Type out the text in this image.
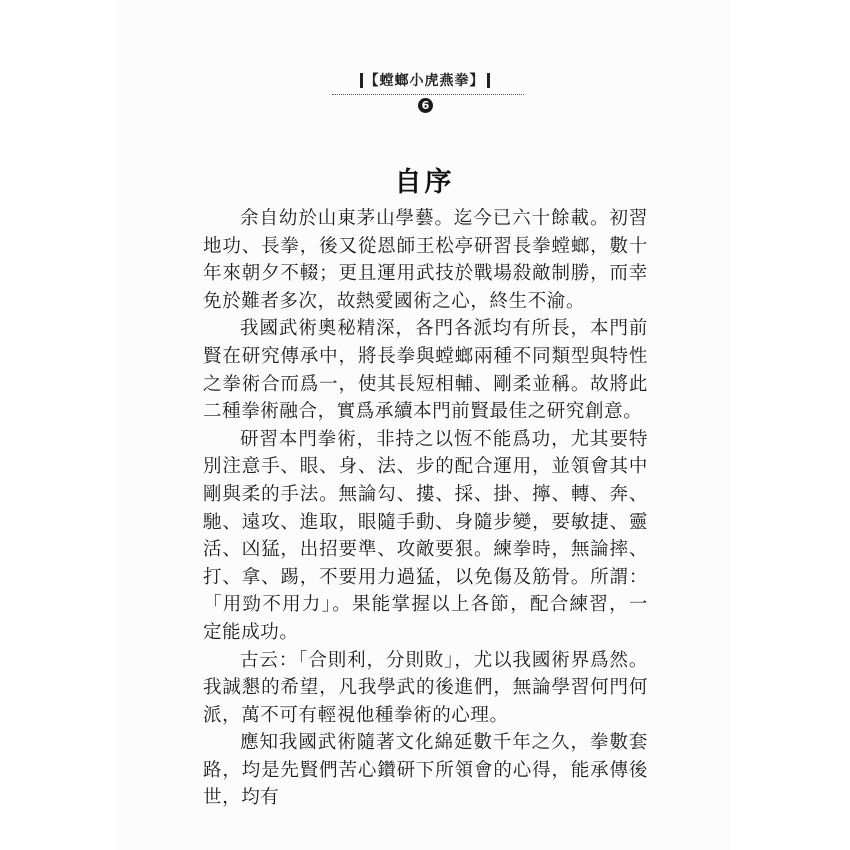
【螳螂小虎燕拳】
6
自序

余自幼於山東茅山學藝。迄今已六十餘載。初習地功、長拳，後又從恩師王松亭研習長拳螳螂，數十年來朝夕不輟；更且運用武技於戰場殺敵制勝，而幸免於難者多次，故熱愛國術之心，終生不渝。

我國武術奧秘精深，各門各派均有所長，本門前賢在研究傳承中，將長拳與螳螂兩種不同類型與特性之拳術合而爲一，使其長短相輔、剛柔並稱。故將此二種拳術融合，實爲承續本門前賢最佳之研究創意。

研習本門拳術，非持之以恆不能爲功，尤其要特別注意手、眼、身、法、步的配合運用，並領會其中剛與柔的手法。無論勾、摟、採、掛、擰、轉、奔、馳、遠攻、進取，眼隨手動、身隨步變，要敏捷、靈活、凶猛，出招要準、攻敵要狠。練拳時，無論摔、打、拿、踢，不要用力過猛，以免傷及筋骨。所謂：「用勁不用力」。果能掌握以上各節，配合練習，一定能成功。

古云：「合則利，分則敗」，尤以我國術界爲然。我誠懇的希望，凡我學武的後進們，無論學習何門何派，萬不可有輕視他種拳術的心理。

應知我國武術隨著文化綿延數千年之久，拳數套路，均是先賢們苦心鑽研下所領會的心得，能承傳後世，均有
